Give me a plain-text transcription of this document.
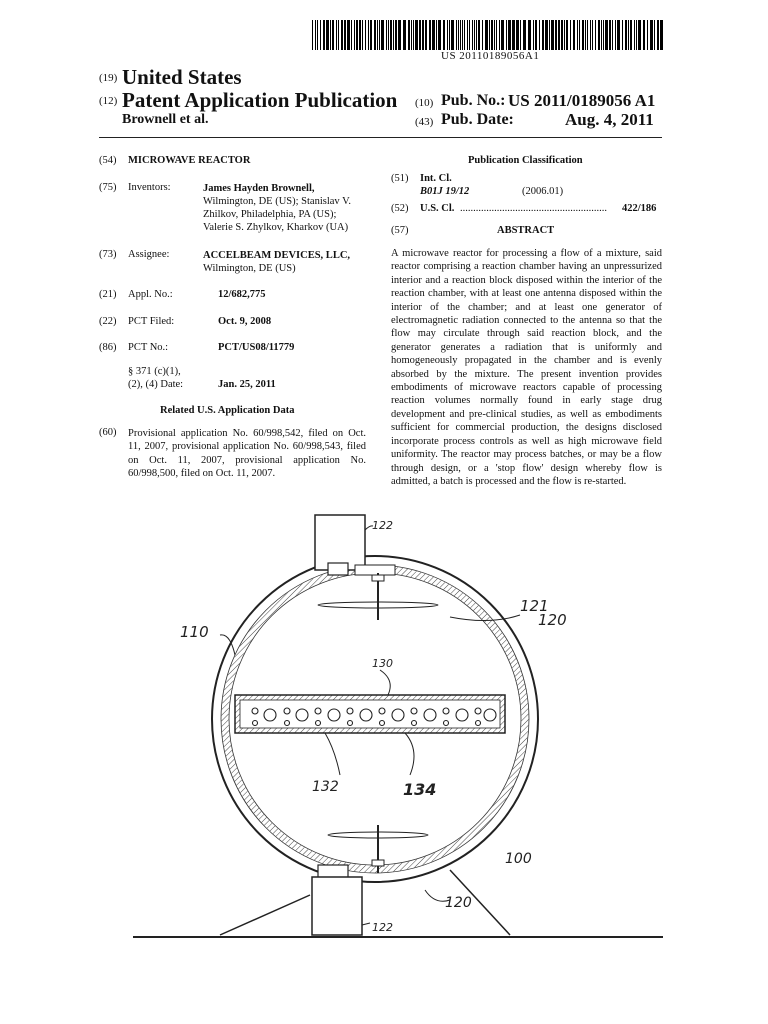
US 20110189056A1
(19) United States
(12) Patent Application Publication
Brownell et al.
(10) Pub. No.: US 2011/0189056 A1
(43) Pub. Date:	Aug. 4, 2011
(54) MICROWAVE REACTOR
(75) Inventors:	James Hayden Brownell,
Wilmington, DE (US); Stanislav V.
Zhilkov, Philadelphia, PA (US);
Valerie S. Zhylkov, Kharkov (UA)
(73) Assignee:	ACCELBEAM DEVICES, LLC,
Wilmington, DE (US)
(21) Appl. No.:	12/682,775
(22) PCT Filed:	Oct. 9, 2008
(86) PCT No.:	PCT/US08/11779
§ 371 (c)(1),
(2), (4) Date:	Jan. 25, 2011
Related U.S. Application Data
(60) Provisional application No. 60/998,542, filed on Oct. 11, 2007, provisional application No. 60/998,543, filed on Oct. 11, 2007, provisional application No. 60/998,500, filed on Oct. 11, 2007.
Publication Classification
(51) Int. Cl.
B01J 19/12	(2006.01)
(52) U.S. Cl. ........................................................	422/186
(57)	ABSTRACT
A microwave reactor for processing a flow of a mixture, said reactor comprising a reaction chamber having an unpressurized interior and a reaction block disposed within the interior of the reaction chamber, with at least one antenna disposed within the interior of the chamber; and at least one generator of electromagnetic radiation connected to the antenna so that the flow may circulate through said reaction block, and the generator generates a radiation that is uniformly and homogeneously propagated in the chamber and is evenly absorbed by the mixture. The present invention provides embodiments of microwave reactors capable of processing reaction volumes normally found in early stage drug development and pre-clinical studies, as well as embodiments sufficient for commercial production, the designs disclosed incorporate process controls as well as high microwave field uniformity. The reactor may process batches, or may be a flow through design, or a 'stop flow' design whereby flow is admitted, a batch is processed and the flow is re-started.
122
121
120
110
130
132	134
100
120
122
